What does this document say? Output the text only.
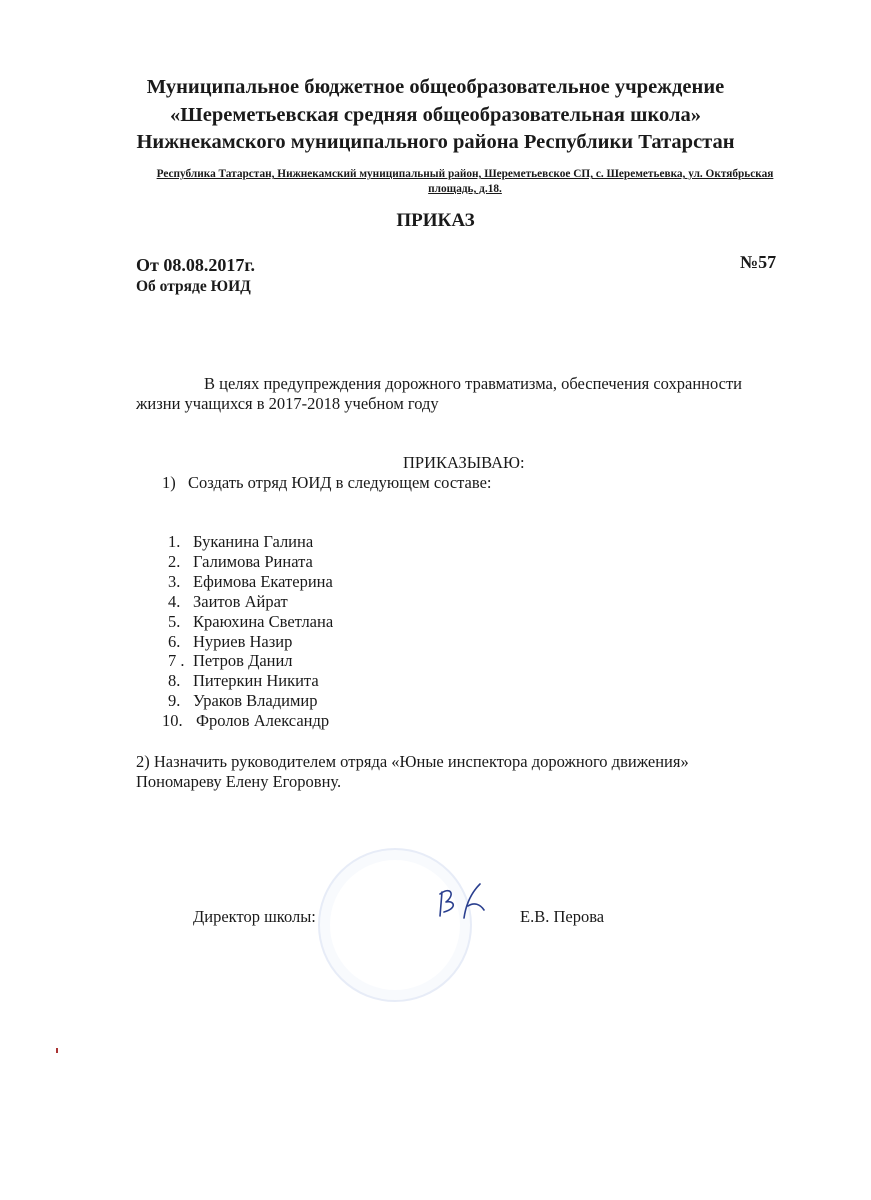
Муниципальное бюджетное общеобразовательное учреждение
«Шереметьевская средняя общеобразовательная школа»
Нижнекамского муниципального района Республики Татарстан
Республика Татарстан, Нижнекамский муниципальный район, Шереметьевское СП, с. Шереметьевка, ул. Октябрьская площадь, д.18.
ПРИКАЗ
От 08.08.2017г.	№57
Об отряде ЮИД
В целях предупреждения дорожного травматизма, обеспечения сохранности
жизни учащихся в 2017-2018 учебном году
ПРИКАЗЫВАЮ:
1) Создать отряд ЮИД в следующем составе:
1. Буканина Галина
2. Галимова Рината
3. Ефимова Екатерина
4. Заитов Айрат
5. Краюхина Светлана
6. Нуриев Назир
7 . Петров Данил
8. Питеркин Никита
9. Ураков Владимир
10. Фролов Александр
2) Назначить руководителем отряда «Юные инспектора дорожного движения»
Пономареву Елену Егоровну.
Директор школы:	Е.В. Перова
